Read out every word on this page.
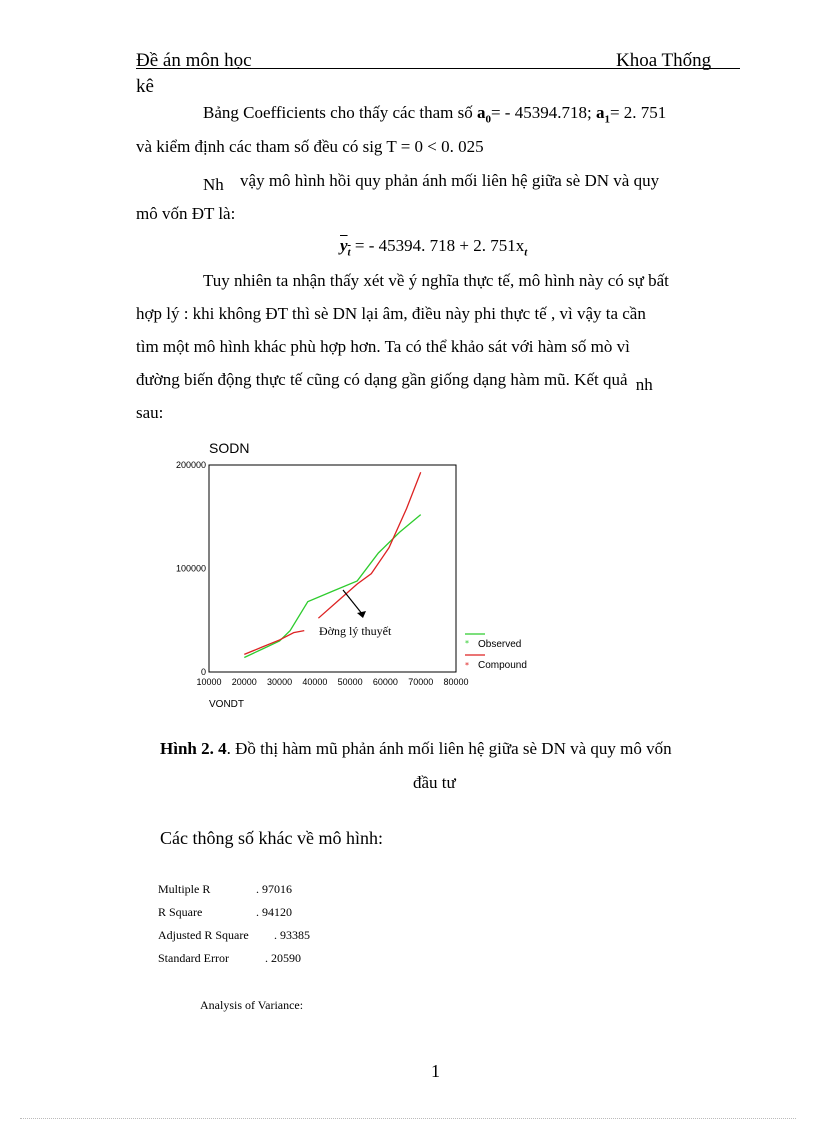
Đề án môn học	Khoa Thống
kê
Bảng Coefficients cho thấy các tham số $a_0= - 45394.718$; $a_1= 2$. 751
và kiểm định các tham số đều có sig T = 0 < 0. 025
Nh vậy mô hình hồi quy phản ánh mối liên hệ giữa sè DN và quy
mô vốn ĐT là:
$y_t$ = - 45394. 718 + 2. $751x_t$
Tuy nhiên ta nhận thấy xét về ý nghĩa thực tế, mô hình này có sự bất
hợp lý : khi không ĐT thì sè DN lại âm, điều này phi thực tế , vì vậy ta cần
tìm một mô hình khác phù hợp hơn. Ta có thể khảo sát với hàm số mò vì
đường biến động thực tế cũng có dạng gần giống dạng hàm mũ. Kết quả nh
sau:
SODN
0
100000
200000
10000 20000 30000 40000 50000 60000 70000 80000
Đờng lý thuyết
* Observed
* Compound
VONDT
Hình 2. 4. Đồ thị hàm mũ phản ánh mối liên hệ giữa sè DN và quy mô vốn
đầu tư
Các thông số khác về mô hình:
Multiple R	. 97016
R Square	. 94120
Adjusted R Square . 93385
Standard Error	. 20590
Analysis of Variance:
1
